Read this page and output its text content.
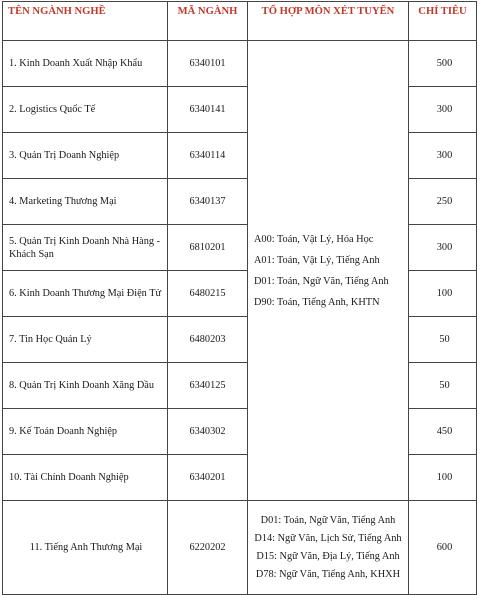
TÊN NGÀNH NGHỀ	MÃ NGÀNH	TỔ HỢP MÔN XÉT TUYỂN	CHỈ TIÊU
1. Kinh Doanh Xuất Nhập Khẩu	6340101	A00: Toán, Vật Lý, Hóa Học
A01: Toán, Vật Lý, Tiếng Anh
D01: Toán, Ngữ Văn, Tiếng Anh
D90: Toán, Tiếng Anh, KHTN	500
2. Logistics Quốc Tế	6340141		300
3. Quản Trị Doanh Nghiệp	6340114		300
4. Marketing Thương Mại	6340137		250
5. Quản Trị Kinh Doanh Nhà Hàng - Khách Sạn	6810201		300
6. Kinh Doanh Thương Mại Điện Tử	6480215		100
7. Tin Học Quản Lý	6480203		50
8. Quản Trị Kinh Doanh Xăng Dầu	6340125		50
9. Kế Toán Doanh Nghiệp	6340302		450
10. Tài Chính Doanh Nghiệp	6340201		100
11. Tiếng Anh Thương Mại	6220202	D01: Toán, Ngữ Văn, Tiếng Anh
D14: Ngữ Văn, Lịch Sử, Tiếng Anh
D15: Ngữ Văn, Địa Lý, Tiếng Anh
D78: Ngữ Văn, Tiếng Anh, KHXH	600
